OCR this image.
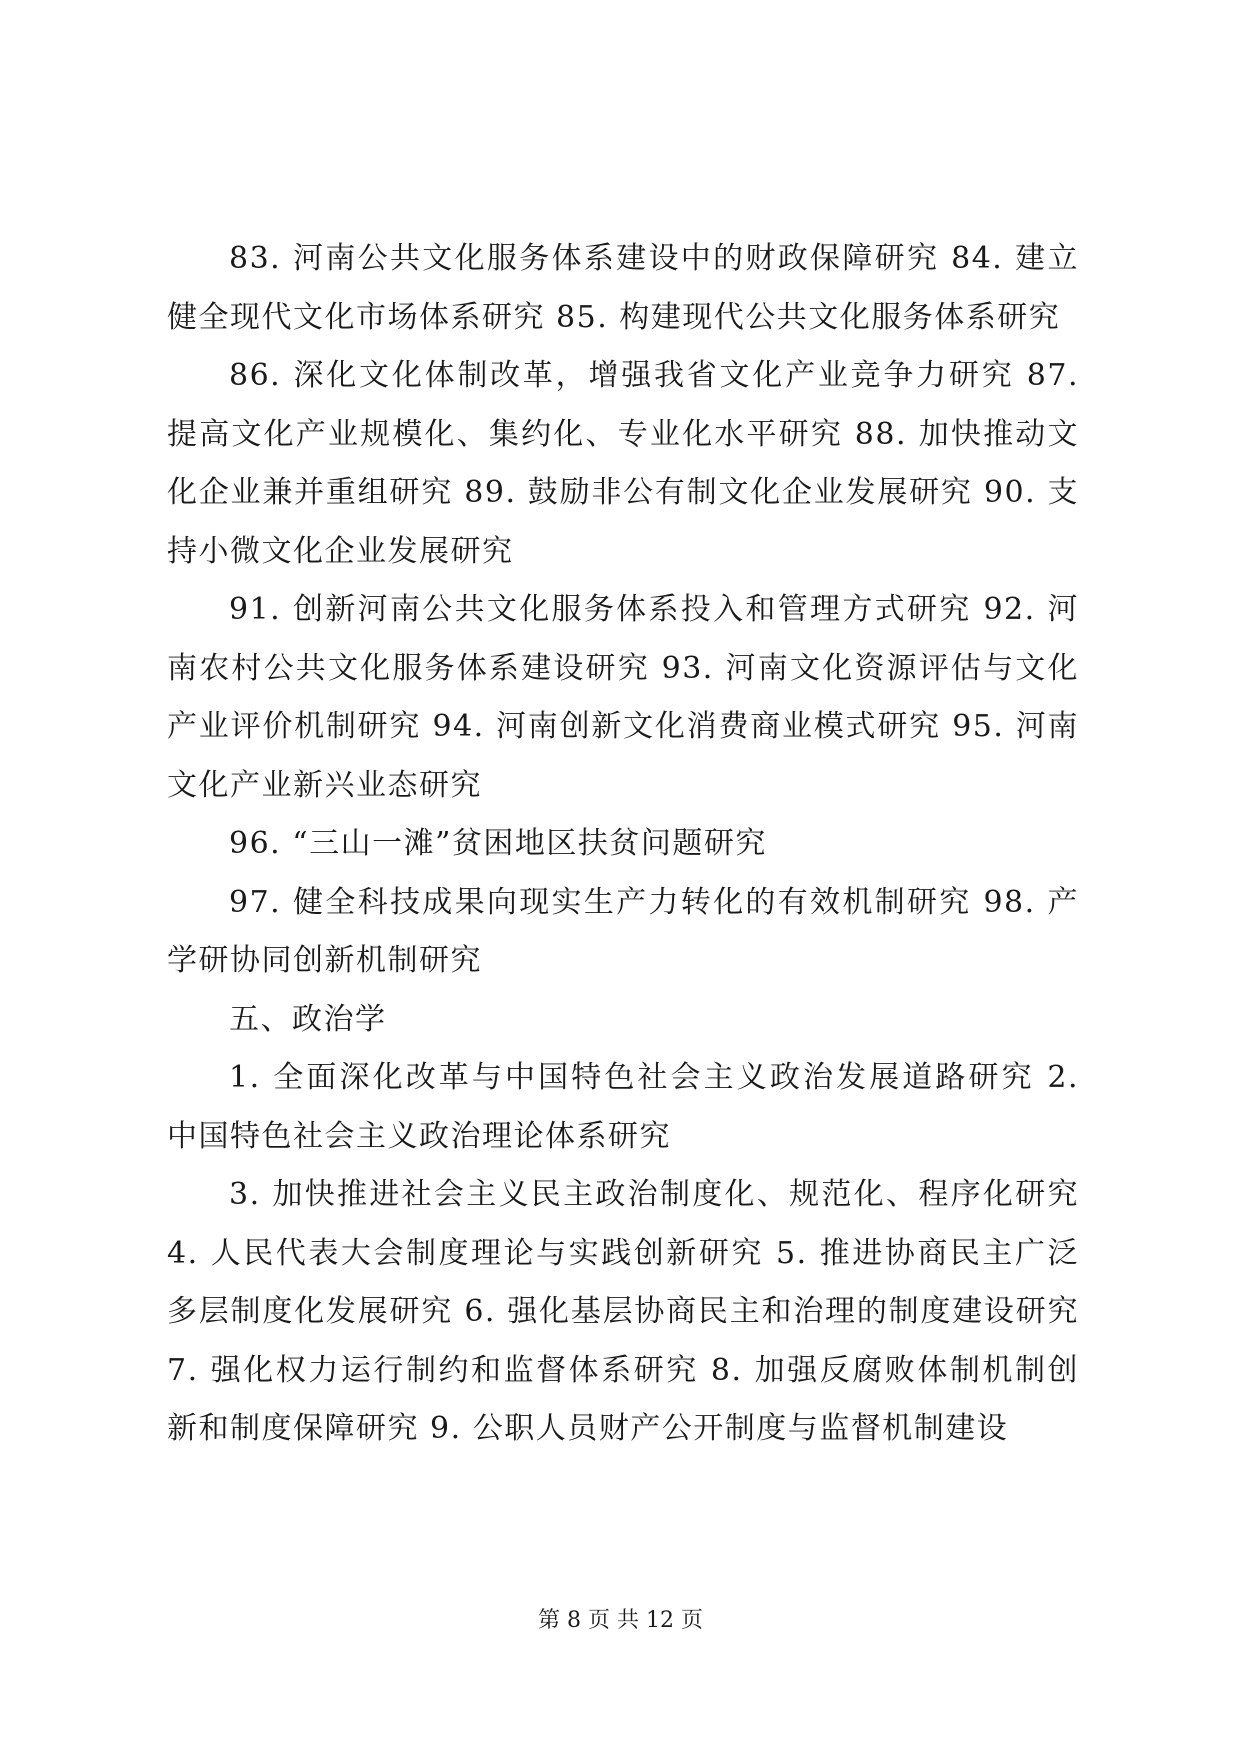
83. 河南公共文化服务体系建设中的财政保障研究 84. 建立健全现代文化市场体系研究 85. 构建现代公共文化服务体系研究

86. 深化文化体制改革，增强我省文化产业竞争力研究 87. 提高文化产业规模化、集约化、专业化水平研究 88. 加快推动文化企业兼并重组研究 89. 鼓励非公有制文化企业发展研究 90. 支持小微文化企业发展研究

91. 创新河南公共文化服务体系投入和管理方式研究 92. 河南农村公共文化服务体系建设研究 93. 河南文化资源评估与文化产业评价机制研究 94. 河南创新文化消费商业模式研究 95. 河南文化产业新兴业态研究

96. “三山一滩”贫困地区扶贫问题研究

97. 健全科技成果向现实生产力转化的有效机制研究 98. 产学研协同创新机制研究

五、政治学

1. 全面深化改革与中国特色社会主义政治发展道路研究 2. 中国特色社会主义政治理论体系研究

3. 加快推进社会主义民主政治制度化、规范化、程序化研究 4. 人民代表大会制度理论与实践创新研究 5. 推进协商民主广泛多层制度化发展研究 6. 强化基层协商民主和治理的制度建设研究 7. 强化权力运行制约和监督体系研究 8. 加强反腐败体制机制创新和制度保障研究 9. 公职人员财产公开制度与监督机制建设

第 8 页 共 12 页
